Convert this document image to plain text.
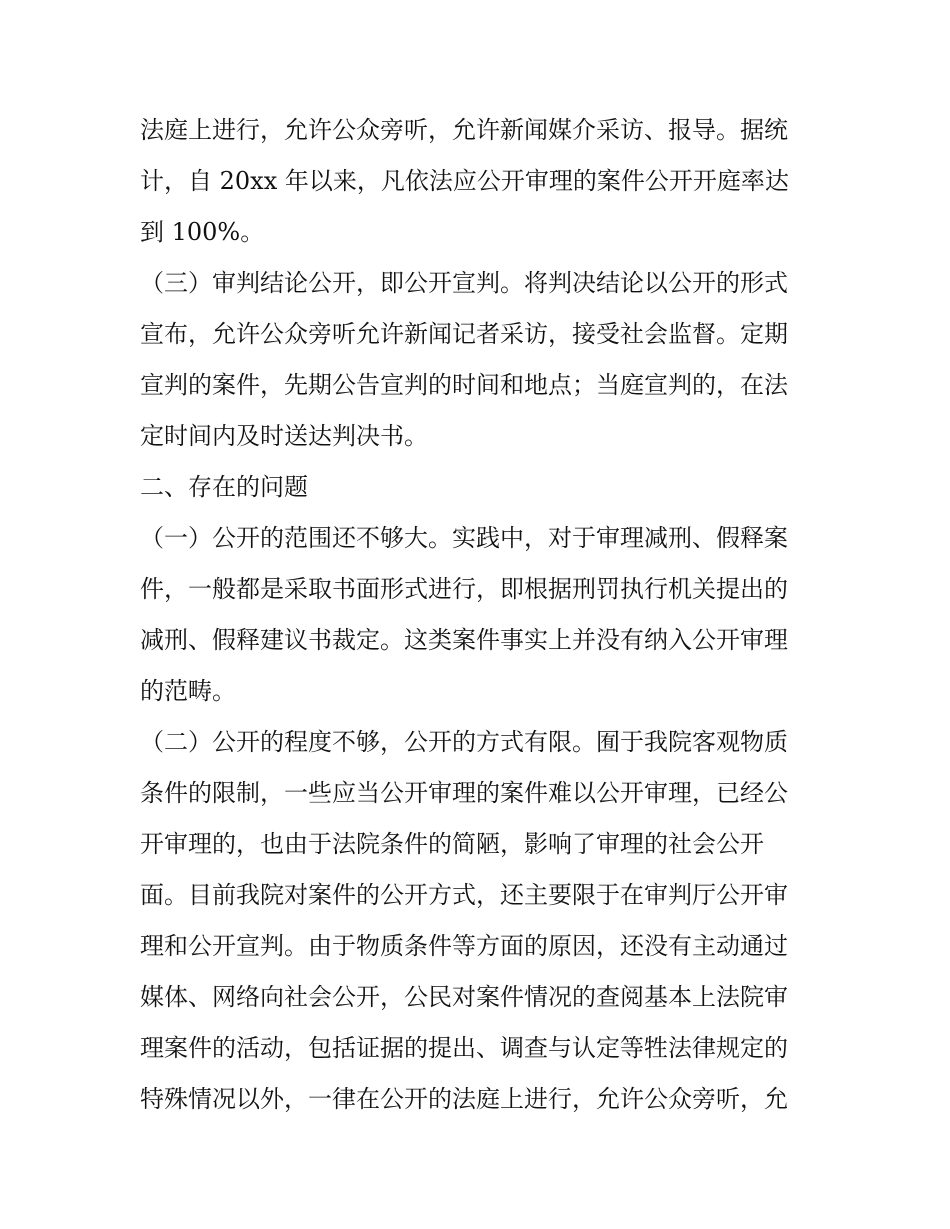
法庭上进行，允许公众旁听，允许新闻媒介采访、报导。据统
计，自 20xx 年以来，凡依法应公开审理的案件公开开庭率达
到 100%。
（三）审判结论公开，即公开宣判。将判决结论以公开的形式
宣布，允许公众旁听允许新闻记者采访，接受社会监督。定期
宣判的案件，先期公告宣判的时间和地点；当庭宣判的，在法
定时间内及时送达判决书。
二、存在的问题
（一）公开的范围还不够大。实践中，对于审理减刑、假释案
件，一般都是采取书面形式进行，即根据刑罚执行机关提出的
减刑、假释建议书裁定。这类案件事实上并没有纳入公开审理
的范畴。
（二）公开的程度不够，公开的方式有限。囿于我院客观物质
条件的限制，一些应当公开审理的案件难以公开审理，已经公
开审理的，也由于法院条件的简陋，影响了审理的社会公开
面。目前我院对案件的公开方式，还主要限于在审判厅公开审
理和公开宣判。由于物质条件等方面的原因，还没有主动通过
媒体、网络向社会公开，公民对案件情况的查阅基本上法院审
理案件的活动，包括证据的提出、调查与认定等牲法律规定的
特殊情况以外，一律在公开的法庭上进行，允许公众旁听，允
